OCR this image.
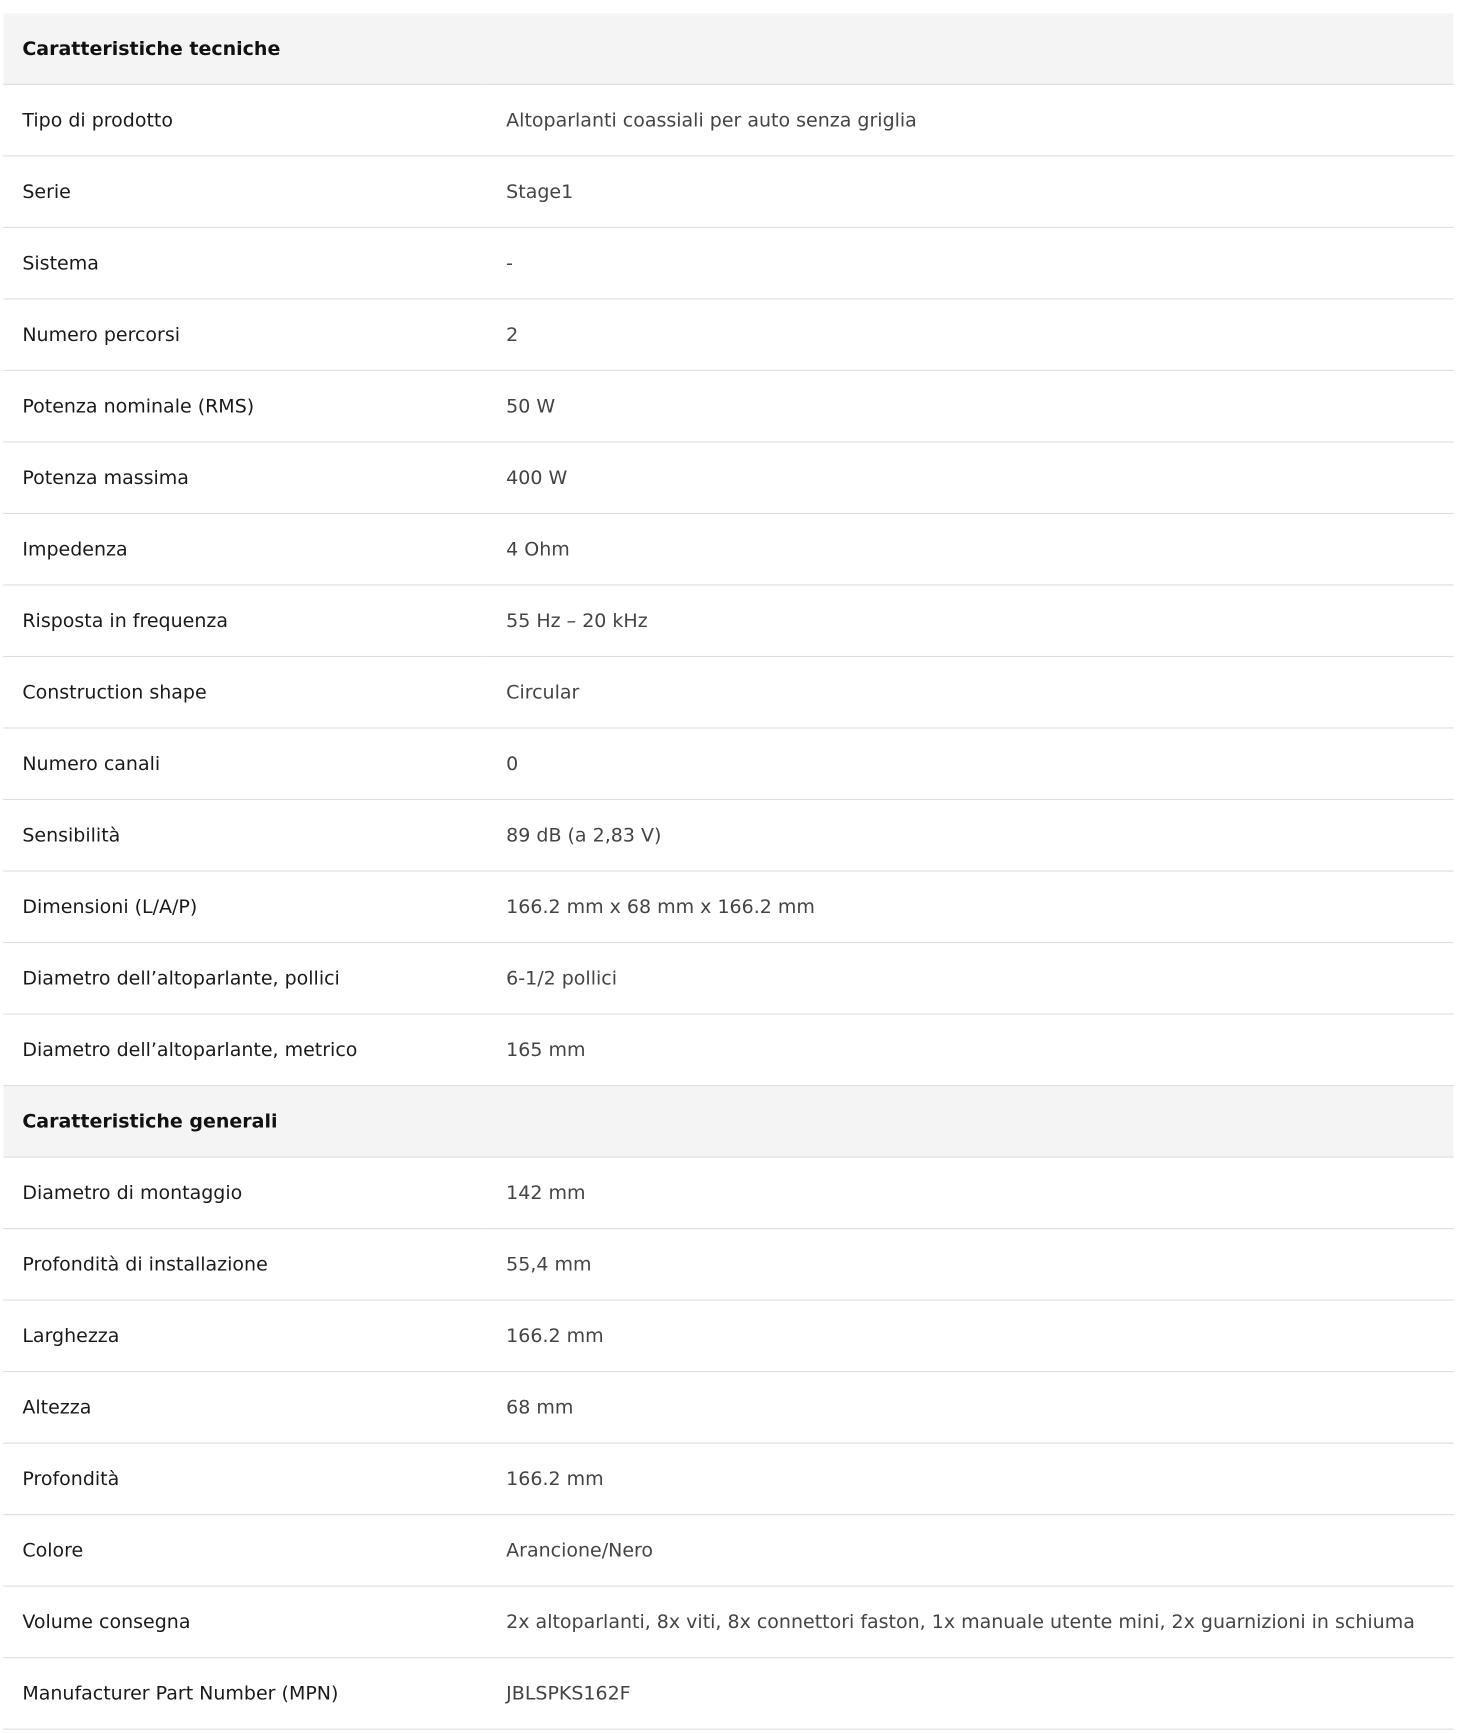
Caratteristiche tecniche	
Tipo di prodotto	Altoparlanti coassiali per auto senza griglia
Serie	Stage1
Sistema	-
Numero percorsi	2
Potenza nominale (RMS)	50 W
Potenza massima	400 W
Impedenza	4 Ohm
Risposta in frequenza	55 Hz – 20 kHz
Construction shape	Circular
Numero canali	0
Sensibilità	89 dB (a 2,83 V)
Dimensioni (L/A/P)	166.2 mm x 68 mm x 166.2 mm
Diametro dell’altoparlante, pollici	6-1/2 pollici
Diametro dell’altoparlante, metrico	165 mm
Caratteristiche generali	
Diametro di montaggio	142 mm
Profondità di installazione	55,4 mm
Larghezza	166.2 mm
Altezza	68 mm
Profondità	166.2 mm
Colore	Arancione/Nero
Volume consegna	2x altoparlanti, 8x viti, 8x connettori faston, 1x manuale utente mini, 2x guarnizioni in schiuma
Manufacturer Part Number (MPN)	JBLSPKS162F
